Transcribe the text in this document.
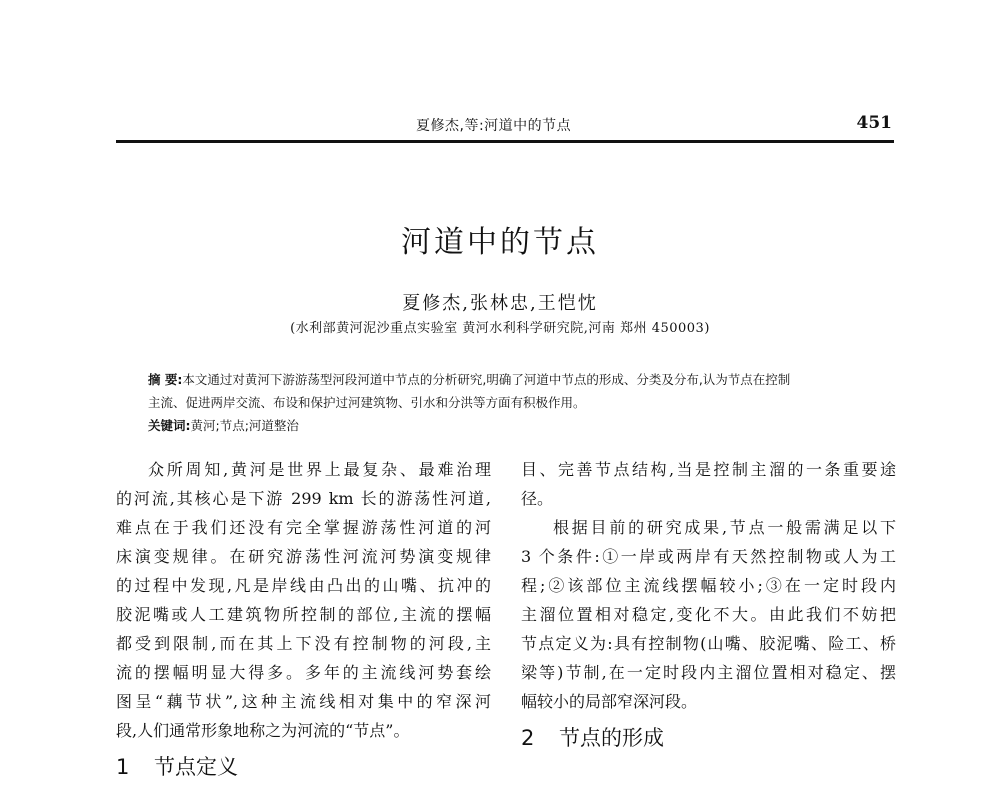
夏修杰,等:河道中的节点	451
河道中的节点
夏修杰,张林忠,王恺忱
(水利部黄河泥沙重点实验室 黄河水利科学研究院,河南 郑州 450003)
摘 要:本文通过对黄河下游游荡型河段河道中节点的分析研究,明确了河道中节点的形成、分类及分布,认为节点在控制
主流、促进两岸交流、布设和保护过河建筑物、引水和分洪等方面有积极作用。
关键词:黄河;节点;河道整治
众所周知,黄河是世界上最复杂、最难治理
的河流,其核心是下游 299 km 长的游荡性河道,
难点在于我们还没有完全掌握游荡性河道的河
床演变规律。在研究游荡性河流河势演变规律
的过程中发现,凡是岸线由凸出的山嘴、抗冲的
胶泥嘴或人工建筑物所控制的部位,主流的摆幅
都受到限制,而在其上下没有控制物的河段,主
流的摆幅明显大得多。多年的主流线河势套绘
图呈“藕节状”,这种主流线相对集中的窄深河
段,人们通常形象地称之为河流的“节点”。
1 节点定义
目、完善节点结构,当是控制主溜的一条重要途
径。
根据目前的研究成果,节点一般需满足以下
3 个条件:①一岸或两岸有天然控制物或人为工
程;②该部位主流线摆幅较小;③在一定时段内
主溜位置相对稳定,变化不大。由此我们不妨把
节点定义为:具有控制物(山嘴、胶泥嘴、险工、桥
梁等)节制,在一定时段内主溜位置相对稳定、摆
幅较小的局部窄深河段。
2 节点的形成
